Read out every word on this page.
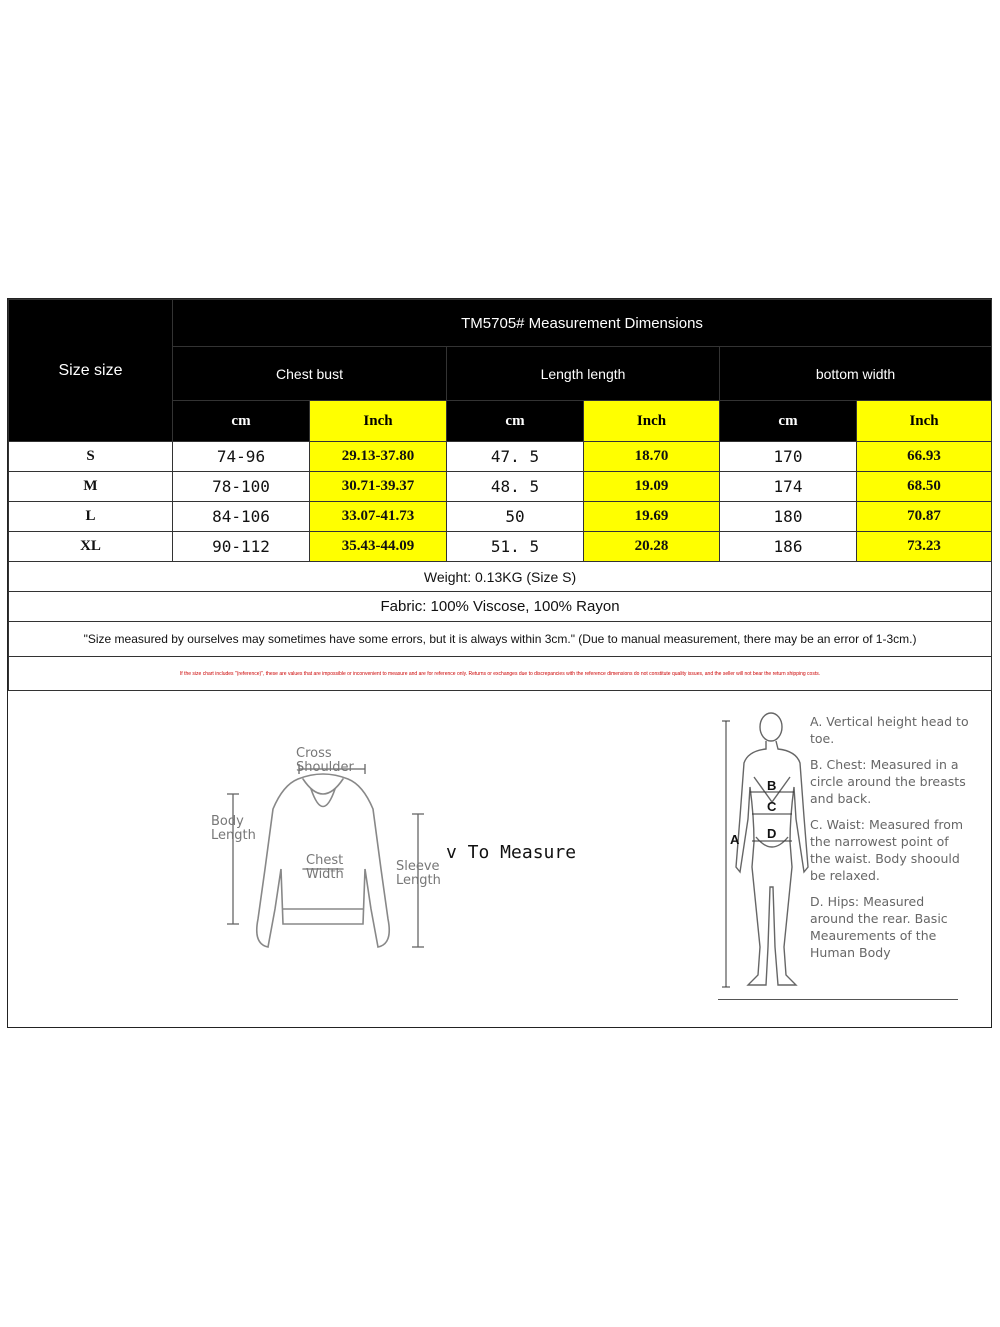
Size size	TM5705# Measurement Dimensions					
	Chest bust		Length length		bottom width	
	cm	Inch	cm	Inch	cm	Inch
S	74-96	29.13-37.80	47. 5	18.70	170	66.93
M	78-100	30.71-39.37	48. 5	19.09	174	68.50
L	84-106	33.07-41.73	50	19.69	180	70.87
XL	90-112	35.43-44.09	51. 5	20.28	186	73.23
Weight: 0.13KG (Size S)						
Fabric: 100% Viscose, 100% Rayon						
"Size measured by ourselves may sometimes have some errors, but it is always within 3cm." (Due to manual measurement, there may be an error of 1-3cm.)						
If the size chart includes "(reference)", these are values that are impossible or inconvenient to measure and are for reference only. Returns or exchanges due to discrepancies with the reference dimensions do not constitute quality issues, and the seller will not bear the return shipping costs.						
Cross Shoulder
Body Length
Chest Width
Sleeve Length
v To Measure
A
B
C
D

A. Vertical height head to toe.

B. Chest: Measured in a circle around the breasts and back.

C. Waist: Measured from the narrowest point of the waist. Body shoould be relaxed.

D. Hips: Measured around the rear. Basic Meaurements of the Human Body
